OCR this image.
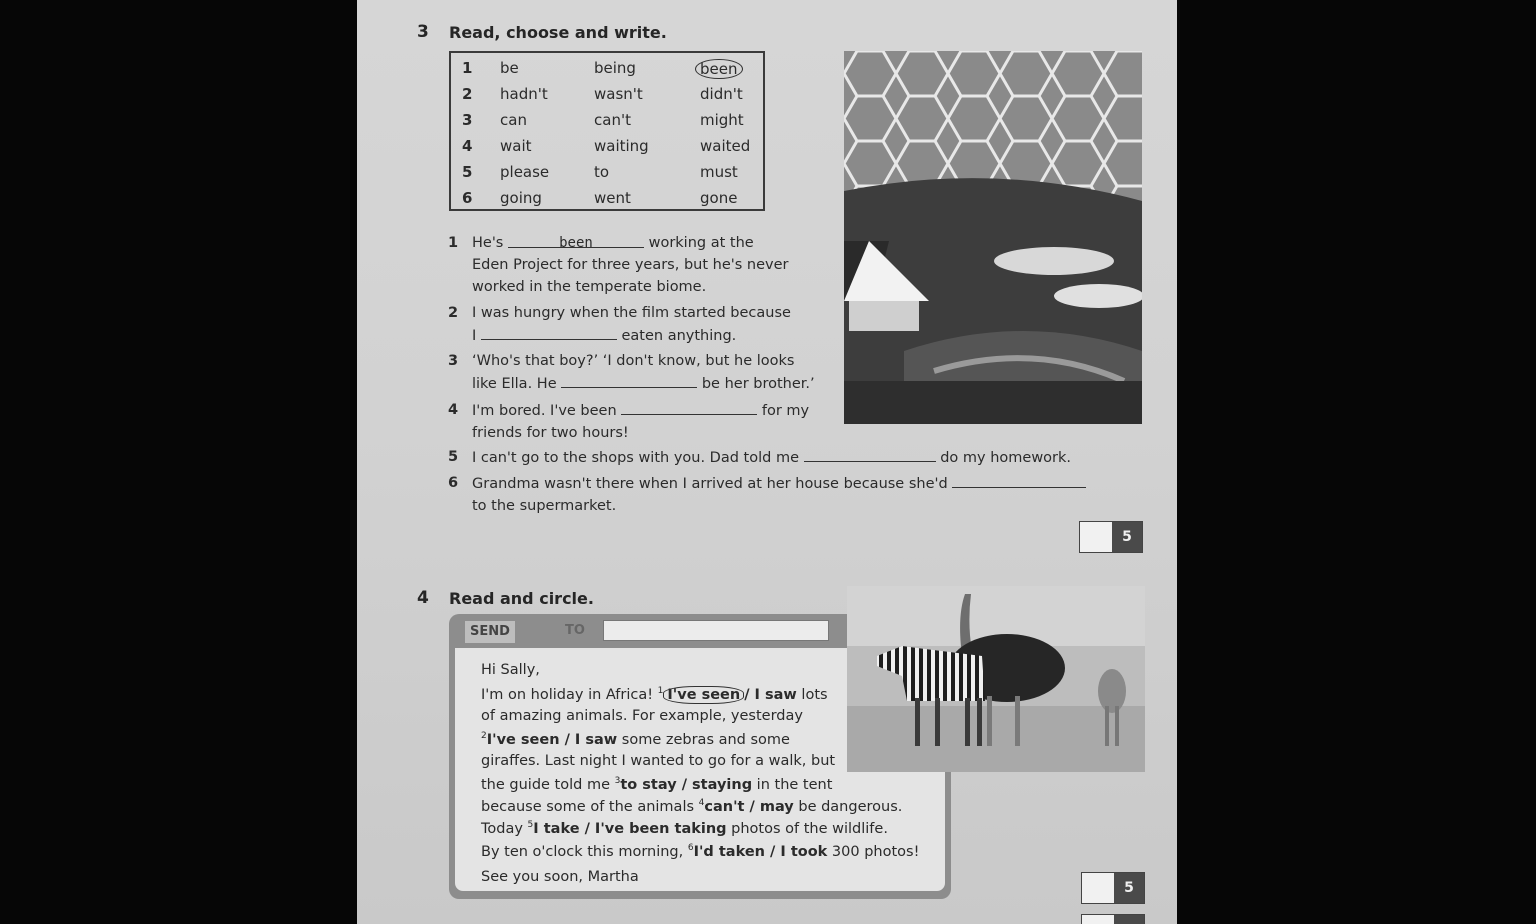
3 Read, choose and write.
1 be	being	been
2 hadn't	wasn't	didn't
3 can	can't	might
4 wait	waiting	waited
5 please	to	must
6 going	went	gone
1 He's	been	working at the
Eden Project for three years, but he's never
worked in the temperate biome.
2 I was hungry when the film started because
I	eaten anything.
3 ‘Who's that boy?’ ‘I don't know, but he looks
like Ella. He	be her brother.’
4 I'm bored. I've been	for my
friends for two hours!
5 I can't go to the shops with you. Dad told me	do my homework.
6 Grandma wasn't there when I arrived at her house because she'd
to the supermarket.
5
4 Read and circle.
SEND	TO
Hi Sally,
I'm on holiday in Africa! $^1$ I've seen / I saw lots
of amazing animals. For example, yesterday
$^2$I've seen / I saw some zebras and some
giraffes. Last night I wanted to go for a walk, but
the guide told me $^3$to stay / staying in the tent
because some of the animals $^4$can't / may be dangerous.
Today $^5$I take / I've been taking photos of the wildlife.
By ten o'clock this morning, $^6$I'd taken / I took 300 photos!
See you soon, Martha
5
